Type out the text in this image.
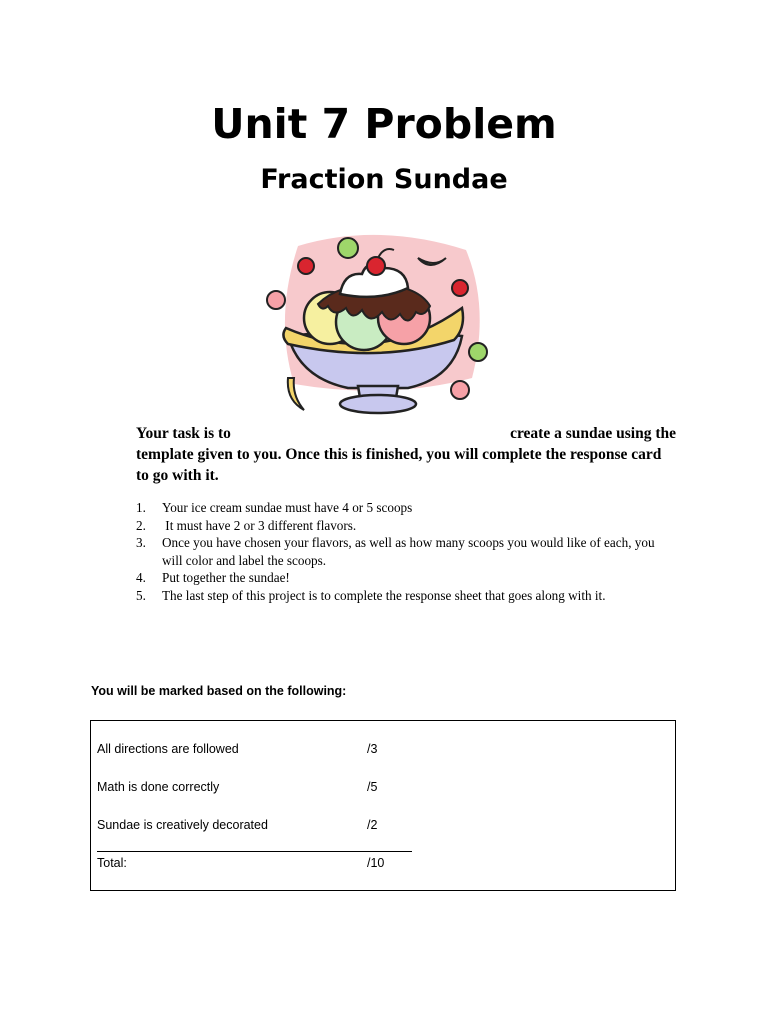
Unit 7 Problem
Fraction Sundae
Your task is to	create a sundae using the
template given to you. Once this is finished, you will complete the response card to go with it.
1.	Your ice cream sundae must have 4 or 5 scoops
2.	It must have 2 or 3 different flavors.
3.	Once you have chosen your flavors, as well as how many scoops you would like of each, you will color and label the scoops.
4.	Put together the sundae!
5.	The last step of this project is to complete the response sheet that goes along with it.

You will be marked based on the following:

All directions are followed	/3
Math is done correctly	/5
Sundae is creatively decorated	/2
Total:	/10
